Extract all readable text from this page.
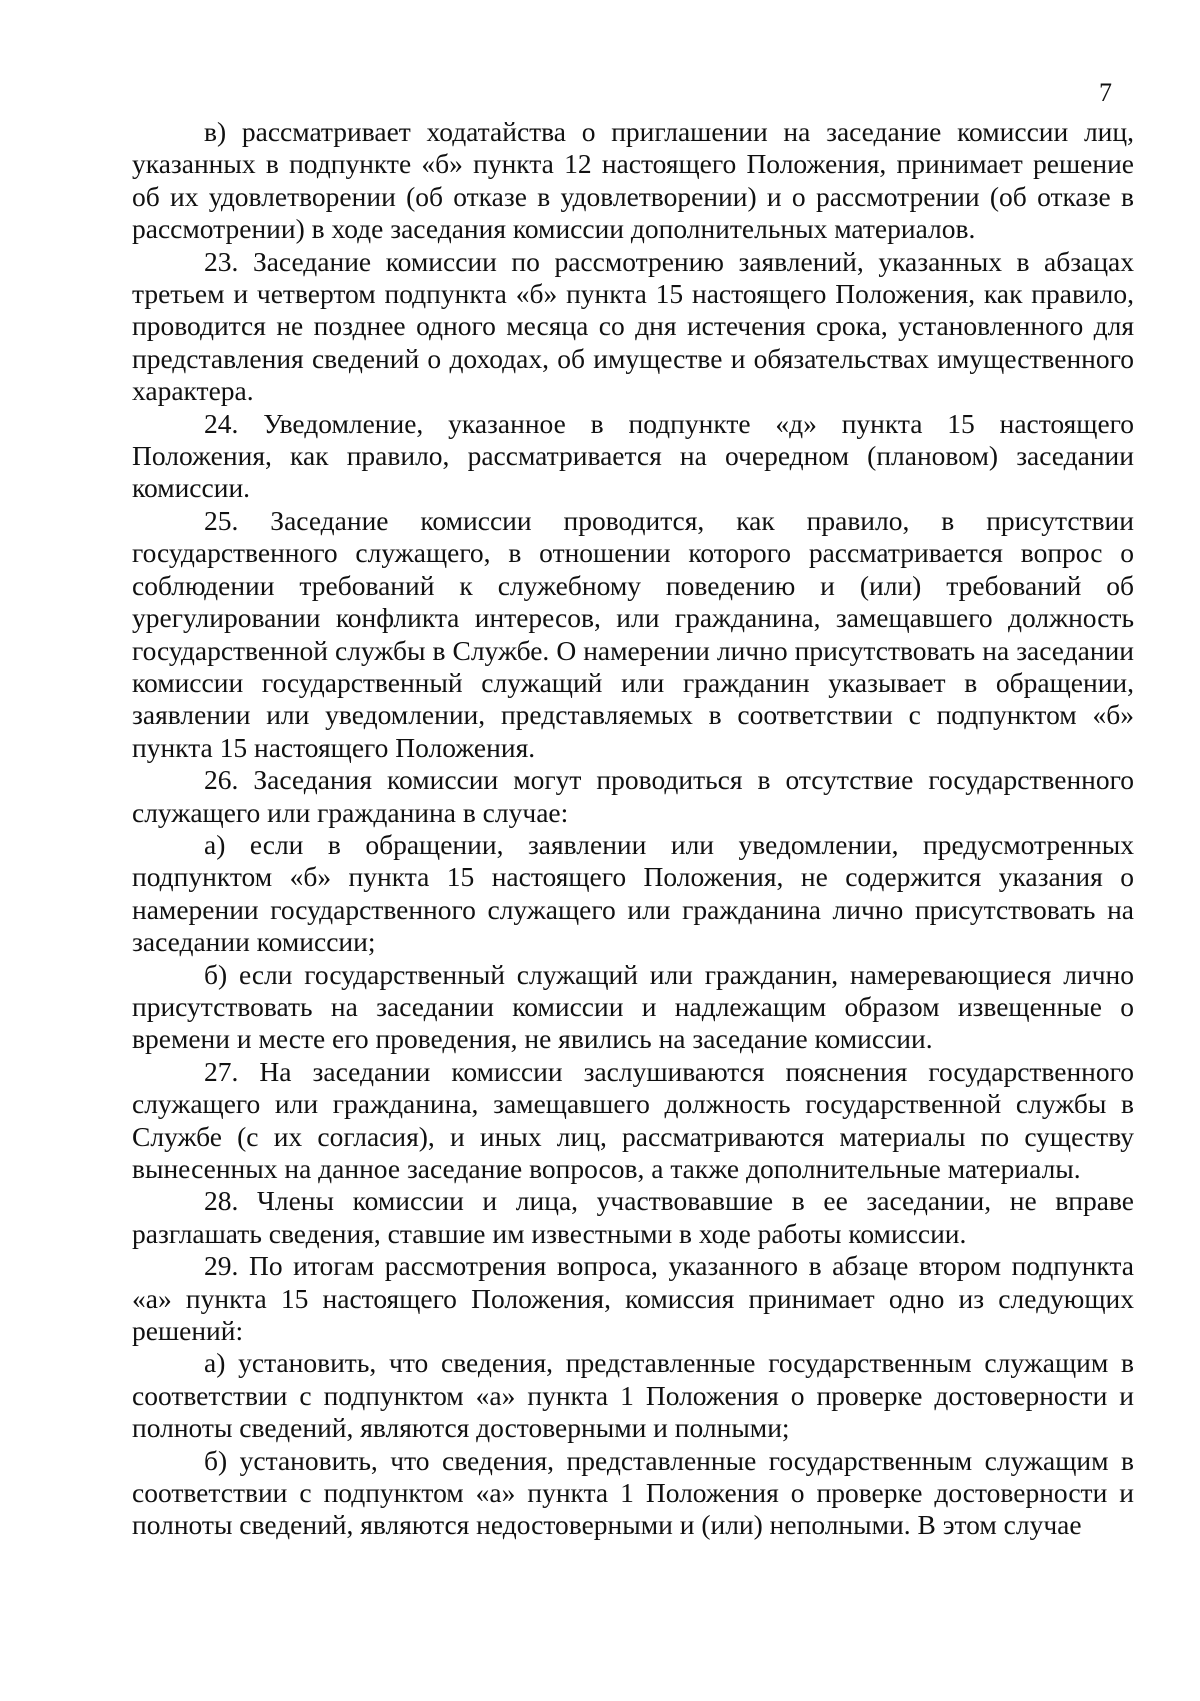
7

в) рассматривает ходатайства о приглашении на заседание комиссии лиц, указанных в подпункте «б» пункта 12 настоящего Положения, принимает решение об их удовлетворении (об отказе в удовлетворении) и о рассмотрении (об отказе в рассмотрении) в ходе заседания комиссии дополнительных материалов.

23. Заседание комиссии по рассмотрению заявлений, указанных в абзацах третьем и четвертом подпункта «б» пункта 15 настоящего Положения, как правило, проводится не позднее одного месяца со дня истечения срока, установленного для представления сведений о доходах, об имуществе и обязательствах имущественного характера.

24. Уведомление, указанное в подпункте «д» пункта 15 настоящего Положения, как правило, рассматривается на очередном (плановом) заседании комиссии.

25. Заседание комиссии проводится, как правило, в присутствии государственного служащего, в отношении которого рассматривается вопрос о соблюдении требований к служебному поведению и (или) требований об урегулировании конфликта интересов, или гражданина, замещавшего должность государственной службы в Службе. О намерении лично присутствовать на заседании комиссии государственный служащий или гражданин указывает в обращении, заявлении или уведомлении, представляемых в соответствии с подпунктом «б» пункта 15 настоящего Положения.

26. Заседания комиссии могут проводиться в отсутствие государственного служащего или гражданина в случае:

а) если в обращении, заявлении или уведомлении, предусмотренных подпунктом «б» пункта 15 настоящего Положения, не содержится указания о намерении государственного служащего или гражданина лично присутствовать на заседании комиссии;

б) если государственный служащий или гражданин, намеревающиеся лично присутствовать на заседании комиссии и надлежащим образом извещенные о времени и месте его проведения, не явились на заседание комиссии.

27. На заседании комиссии заслушиваются пояснения государственного служащего или гражданина, замещавшего должность государственной службы в Службе (с их согласия), и иных лиц, рассматриваются материалы по существу вынесенных на данное заседание вопросов, а также дополнительные материалы.

28. Члены комиссии и лица, участвовавшие в ее заседании, не вправе разглашать сведения, ставшие им известными в ходе работы комиссии.

29. По итогам рассмотрения вопроса, указанного в абзаце втором подпункта «а» пункта 15 настоящего Положения, комиссия принимает одно из следующих решений:

а) установить, что сведения, представленные государственным служащим в соответствии с подпунктом «а» пункта 1 Положения о проверке достоверности и полноты сведений, являются достоверными и полными;

б) установить, что сведения, представленные государственным служащим в соответствии с подпунктом «а» пункта 1 Положения о проверке достоверности и полноты сведений, являются недостоверными и (или) неполными. В этом случае
